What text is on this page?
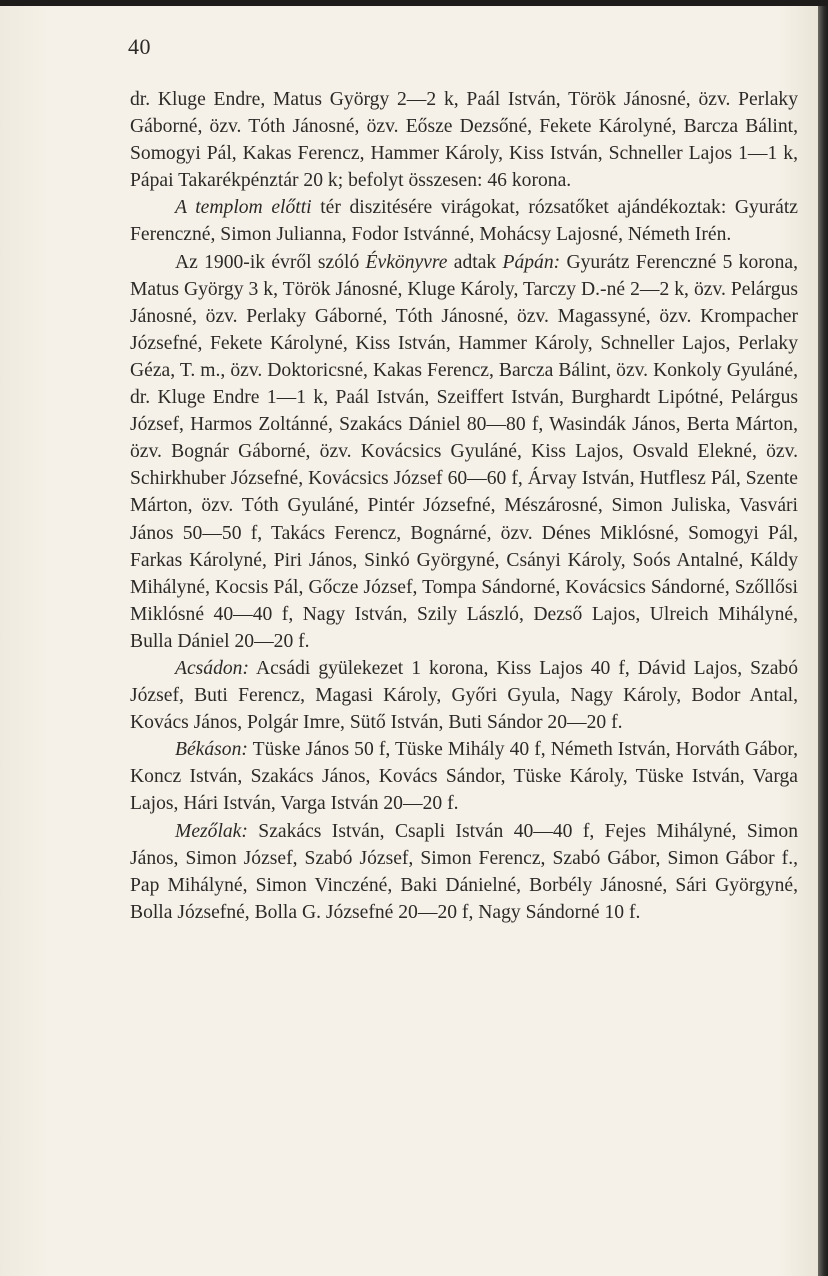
40

dr. Kluge Endre, Matus György 2—2 k, Paál István, Török Jánosné, özv. Perlaky Gáborné, özv. Tóth Jánosné, özv. Eősze Dezsőné, Fekete Károlyné, Barcza Bálint, Somogyi Pál, Kakas Ferencz, Hammer Károly, Kiss István, Schneller Lajos 1—1 k, Pápai Takarékpénztár 20 k; befolyt összesen: 46 korona.

A templom előtti tér diszitésére virágokat, rózsatőket ajándékoztak: Gyurátz Ferenczné, Simon Julianna, Fodor Istvánné, Mohácsy Lajosné, Németh Irén.

Az 1900-ik évről szóló Évkönyvre adtak Pápán: Gyurátz Ferenczné 5 korona, Matus György 3 k, Török Jánosné, Kluge Károly, Tarczy D.-né 2—2 k, özv. Pelárgus Jánosné, özv. Perlaky Gáborné, Tóth Jánosné, özv. Magassyné, özv. Krompacher Józsefné, Fekete Károlyné, Kiss István, Hammer Károly, Schneller Lajos, Perlaky Géza, T. m., özv. Doktoricsné, Kakas Ferencz, Barcza Bálint, özv. Konkoly Gyuláné, dr. Kluge Endre 1—1 k, Paál István, Szeiffert István, Burghardt Lipótné, Pelárgus József, Harmos Zoltánné, Szakács Dániel 80—80 f, Wasindák János, Berta Márton, özv. Bognár Gáborné, özv. Kovácsics Gyuláné, Kiss Lajos, Osvald Elekné, özv. Schirkhuber Józsefné, Kovácsics József 60—60 f, Árvay István, Hutflesz Pál, Szente Márton, özv. Tóth Gyuláné, Pintér Józsefné, Mészárosné, Simon Juliska, Vasvári János 50—50 f, Takács Ferencz, Bognárné, özv. Dénes Miklósné, Somogyi Pál, Farkas Károlyné, Piri János, Sinkó Györgyné, Csányi Károly, Soós Antalné, Káldy Mihályné, Kocsis Pál, Gőcze József, Tompa Sándorné, Kovácsics Sándorné, Szőllősi Miklósné 40—40 f, Nagy István, Szily László, Dezső Lajos, Ulreich Mihályné, Bulla Dániel 20—20 f.

Acsádon: Acsádi gyülekezet 1 korona, Kiss Lajos 40 f, Dávid Lajos, Szabó József, Buti Ferencz, Magasi Károly, Győri Gyula, Nagy Károly, Bodor Antal, Kovács János, Polgár Imre, Sütő István, Buti Sándor 20—20 f.

Békáson: Tüske János 50 f, Tüske Mihály 40 f, Németh István, Horváth Gábor, Koncz István, Szakács János, Kovács Sándor, Tüske Károly, Tüske István, Varga Lajos, Hári István, Varga István 20—20 f.

Mezőlak: Szakács István, Csapli István 40—40 f, Fejes Mihályné, Simon János, Simon József, Szabó József, Simon Ferencz, Szabó Gábor, Simon Gábor f., Pap Mihályné, Simon Vinczéné, Baki Dánielné, Borbély Jánosné, Sári Györgyné, Bolla Józsefné, Bolla G. Józsefné 20—20 f, Nagy Sándorné 10 f.
